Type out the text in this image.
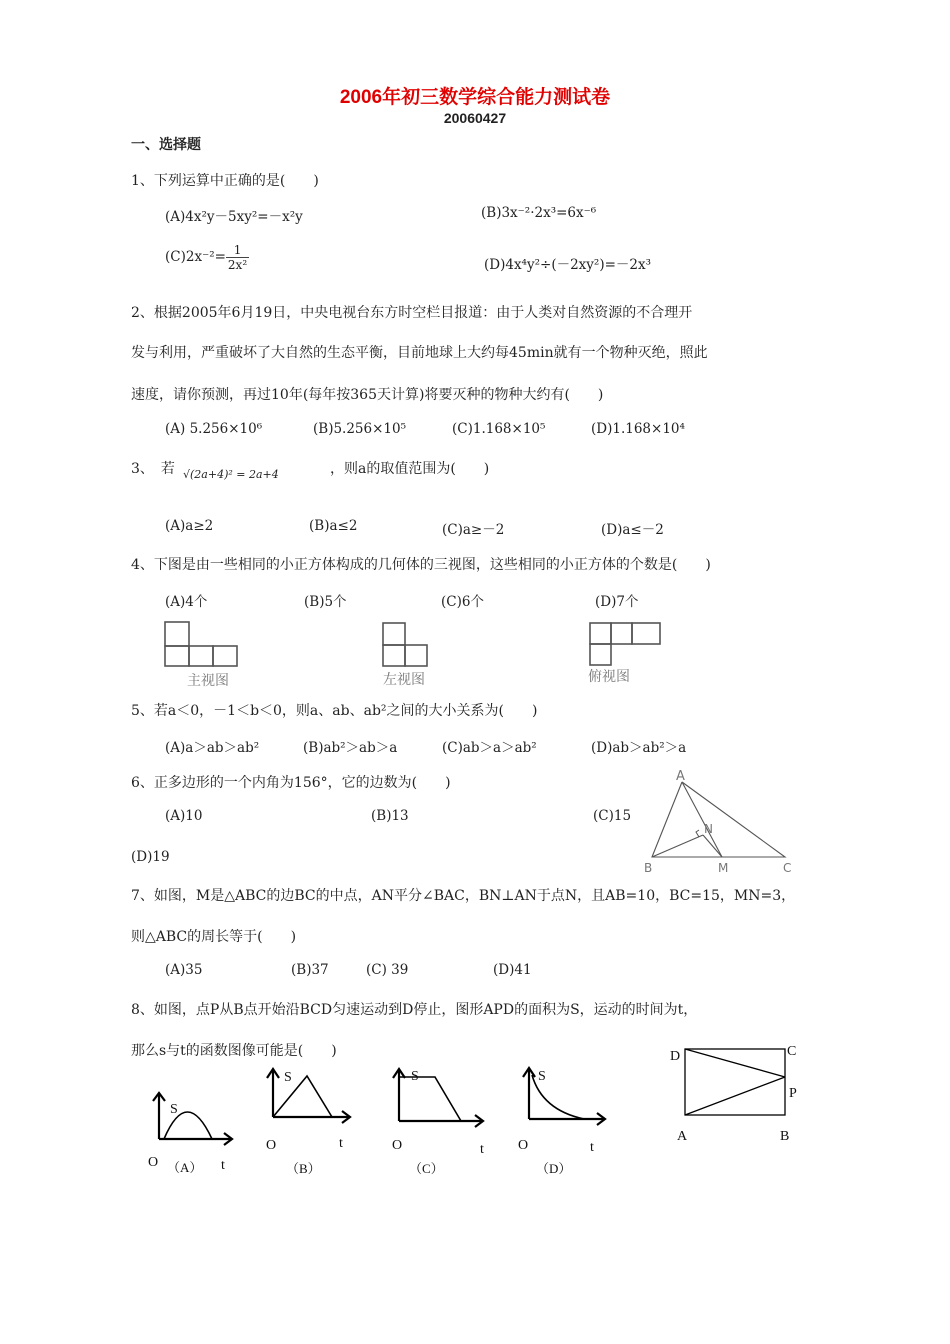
2006年初三数学综合能力测试卷
20060427
一、选择题
1、下列运算中正确的是(　　)
(A)4x²y－5xy²=－x²y	(B)3x⁻²·2x³=6x⁻⁶
$(C)2x^{-2}= \frac{1}{\text{2x²}}$	(D)4x⁴y²÷(－2xy²)=－2x³
2、根据2005年6月19日，中央电视台东方时空栏目报道：由于人类对自然资源的不合理开
发与利用，严重破坏了大自然的生态平衡，目前地球上大约每45min就有一个物种灭绝，照此
速度，请你预测，再过10年(每年按365天计算)将要灭种的物种大约有(　　)
(A) 5.256×10⁶	(B)5.256×10⁵	(C)1.168×10⁵	(D)1.168×10⁴
3、　若 √(2a+4)² = 2a+4	，则a的取值范围为(　　)
(A)a≥2	(B)a≤2	(C)a≥－2	(D)a≤－2
4、下图是由一些相同的小正方体构成的几何体的三视图，这些相同的小正方体的个数是(　　)
(A)4个	(B)5个	(C)6个	(D)7个
主视图	左视图	俯视图
5、若a＜0，－1＜b＜0，则a、ab、ab²之间的大小关系为(　　)
(A)a＞ab＞ab²	(B)ab²＞ab＞a	(C)ab＞a＞ab²	(D)ab＞ab²＞a
6、正多边形的一个内角为156°，它的边数为(　　)
(A)10	(B)13	(C)15
(D)19
A
N
B	M	C
7、如图，M是△ABC的边BC的中点，AN平分∠BAC，BN⊥AN于点N，且AB=10，BC=15，MN=3，
则△ABC的周长等于(　　)
(A)35	(B)37	(C) 39	(D)41
8、如图，点P从B点开始沿BCD匀速运动到D停止，图形APD的面积为S，运动的时间为t，
那么s与t的函数图像可能是(　　)
S
O	t
（A）
S
O	t
（B）
S
O	t
（C）
S
O	t
（D）
D	C
P
A	B
